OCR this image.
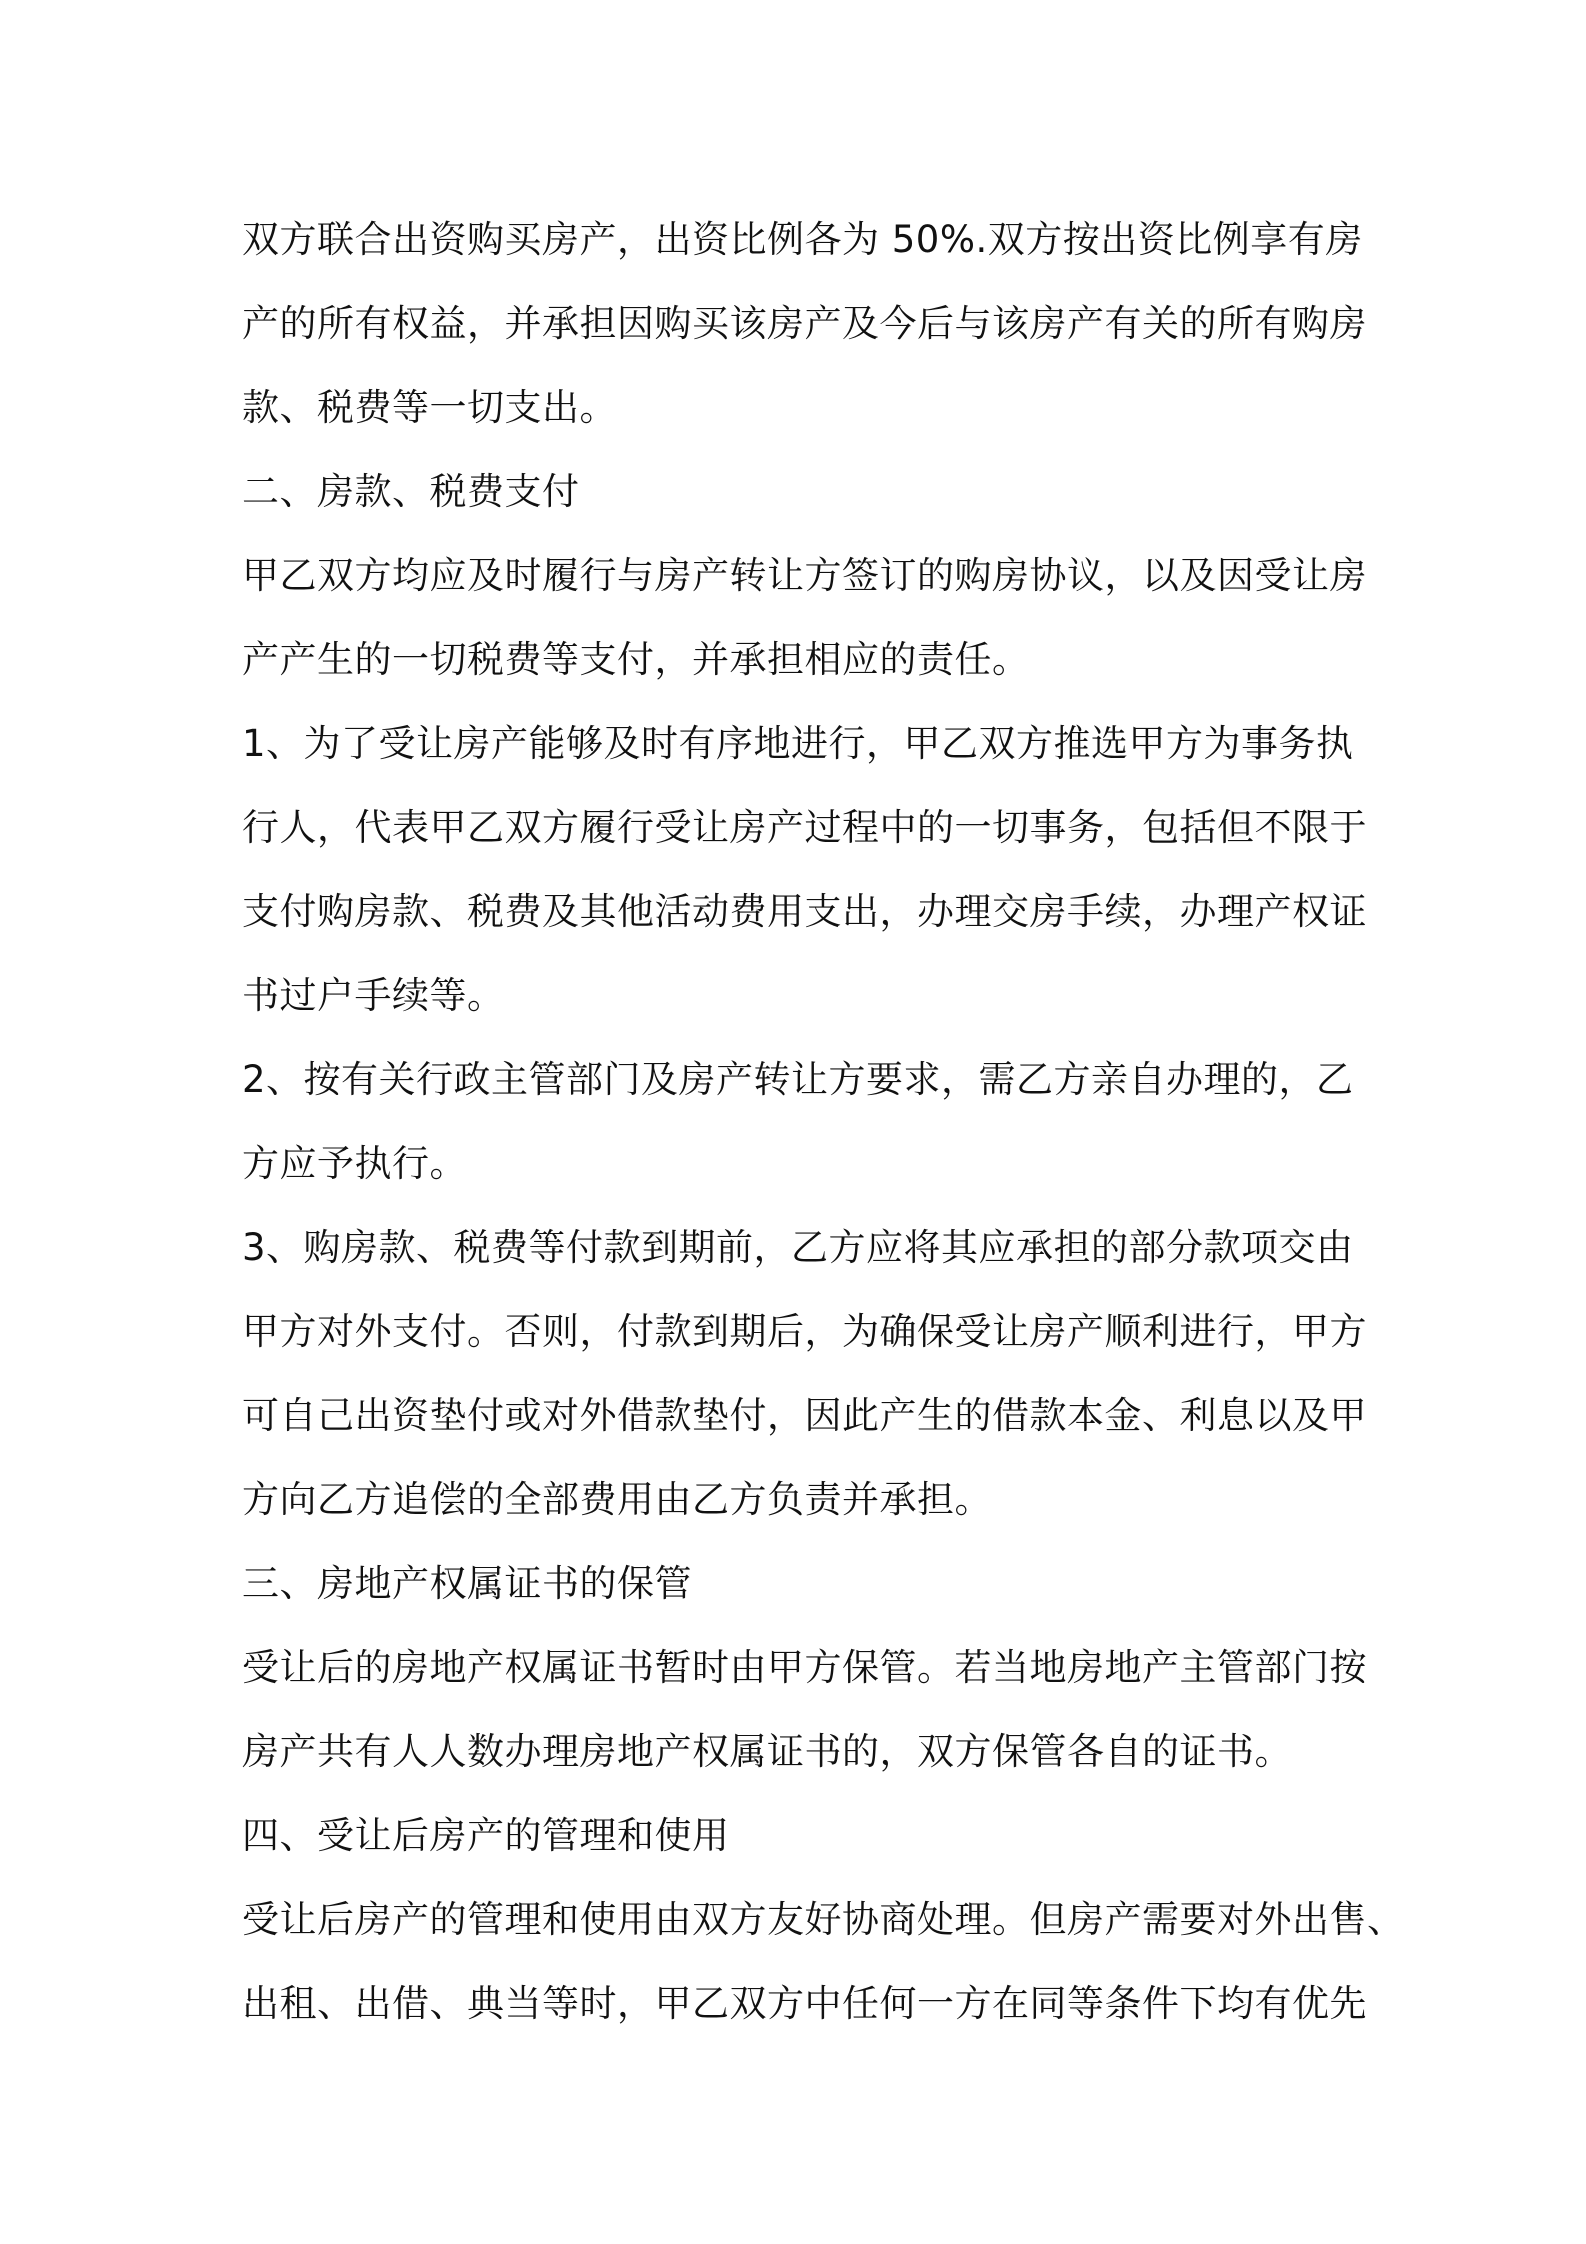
双方联合出资购买房产，出资比例各为 50%.双方按出资比例享有房
产的所有权益，并承担因购买该房产及今后与该房产有关的所有购房
款、税费等一切支出。
二、房款、税费支付
甲乙双方均应及时履行与房产转让方签订的购房协议，以及因受让房
产产生的一切税费等支付，并承担相应的责任。
1、为了受让房产能够及时有序地进行，甲乙双方推选甲方为事务执
行人，代表甲乙双方履行受让房产过程中的一切事务，包括但不限于
支付购房款、税费及其他活动费用支出，办理交房手续，办理产权证
书过户手续等。
2、按有关行政主管部门及房产转让方要求，需乙方亲自办理的，乙
方应予执行。
3、购房款、税费等付款到期前，乙方应将其应承担的部分款项交由
甲方对外支付。否则，付款到期后，为确保受让房产顺利进行，甲方
可自己出资垫付或对外借款垫付，因此产生的借款本金、利息以及甲
方向乙方追偿的全部费用由乙方负责并承担。
三、房地产权属证书的保管
受让后的房地产权属证书暂时由甲方保管。若当地房地产主管部门按
房产共有人人数办理房地产权属证书的，双方保管各自的证书。
四、受让后房产的管理和使用
受让后房产的管理和使用由双方友好协商处理。但房产需要对外出售、
出租、出借、典当等时，甲乙双方中任何一方在同等条件下均有优先
